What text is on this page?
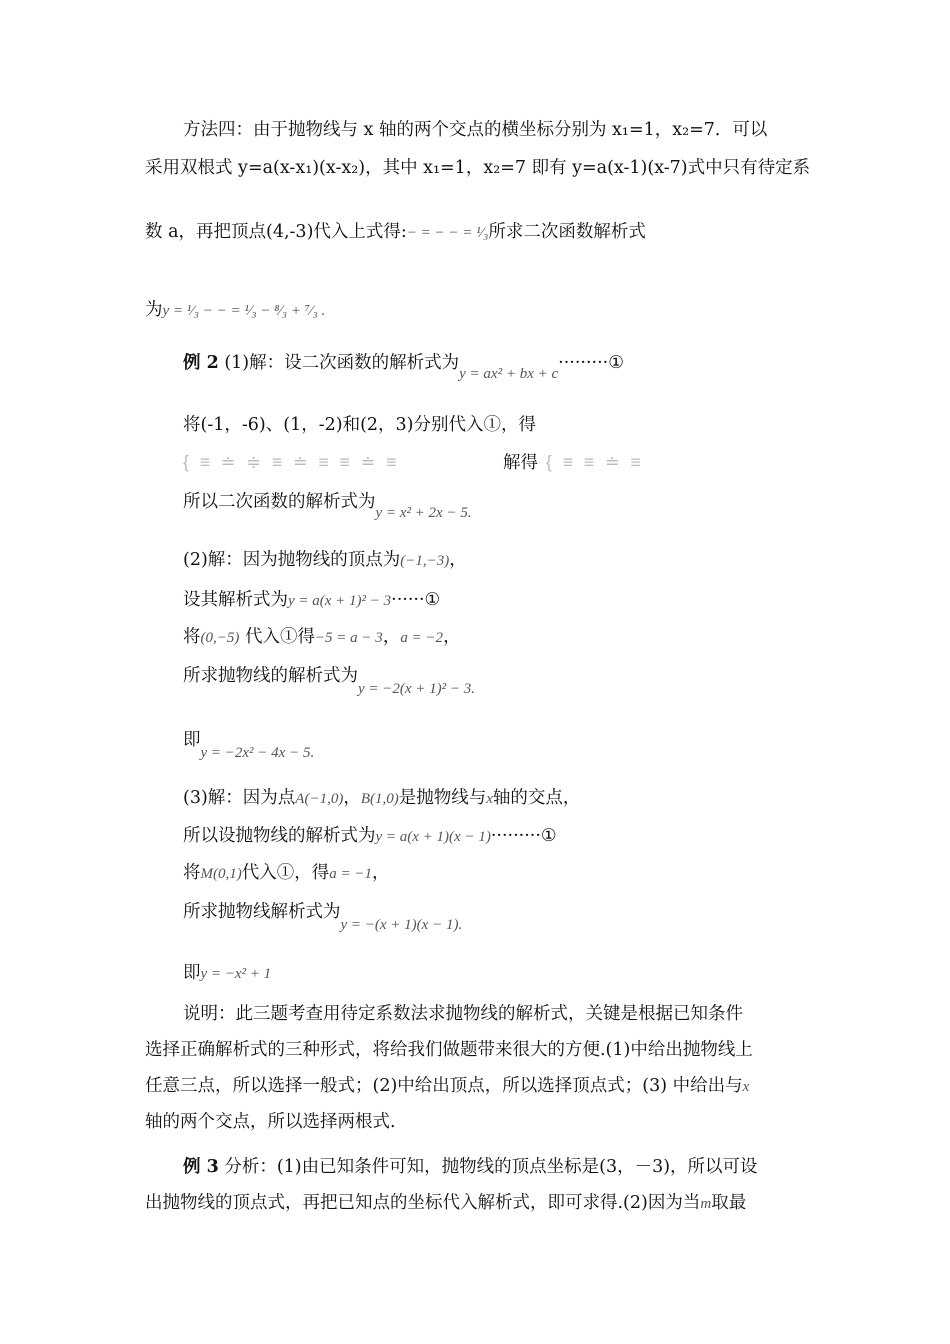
方法四：由于抛物线与 x 轴的两个交点的横坐标分别为 x₁=1，x₂=7．可以
采用双根式 y=a(x-x₁)(x-x₂)，其中 x₁=1，x₂=7 即有 y=a(x-1)(x-7)式中只有待定系
数 a，再把顶点(4,-3)代入上式得:− = − − = ¹⁄₃所求二次函数解析式
为y = ¹⁄₃ − − = ¹⁄₃ − ⁸⁄₃ + ⁷⁄₃ .
例 2 (1)解：设二次函数的解析式为y = ax² + bx + c·········①
将(-1，-6)、(1，-2)和(2，3)分别代入①，得
{ ≡ ≐ ≑ ≡ ≐ ≡ ≡ ≐ ≡	解得 { ≡ ≡ ≐ ≡
所以二次函数的解析式为y = x² + 2x − 5.
(2)解：因为抛物线的顶点为(−1,−3)，
设其解析式为y = a(x + 1)² − 3······①
将(0,−5) 代入①得−5 = a − 3，a = −2，
所求抛物线的解析式为y = −2(x + 1)² − 3.
即y = −2x² − 4x − 5.
(3)解：因为点A(−1,0)，B(1,0)是抛物线与x轴的交点，
所以设抛物线的解析式为y = a(x + 1)(x − 1)·········①
将M(0,1)代入①，得a = −1，
所求抛物线解析式为y = −(x + 1)(x − 1).
即y = −x² + 1
说明：此三题考查用待定系数法求抛物线的解析式，关键是根据已知条件
选择正确解析式的三种形式，将给我们做题带来很大的方便.(1)中给出抛物线上
任意三点，所以选择一般式；(2)中给出顶点，所以选择顶点式；(3) 中给出与x
轴的两个交点，所以选择两根式.
例 3 分析：(1)由已知条件可知，抛物线的顶点坐标是(3，－3)，所以可设
出抛物线的顶点式，再把已知点的坐标代入解析式，即可求得.(2)因为当m取最
